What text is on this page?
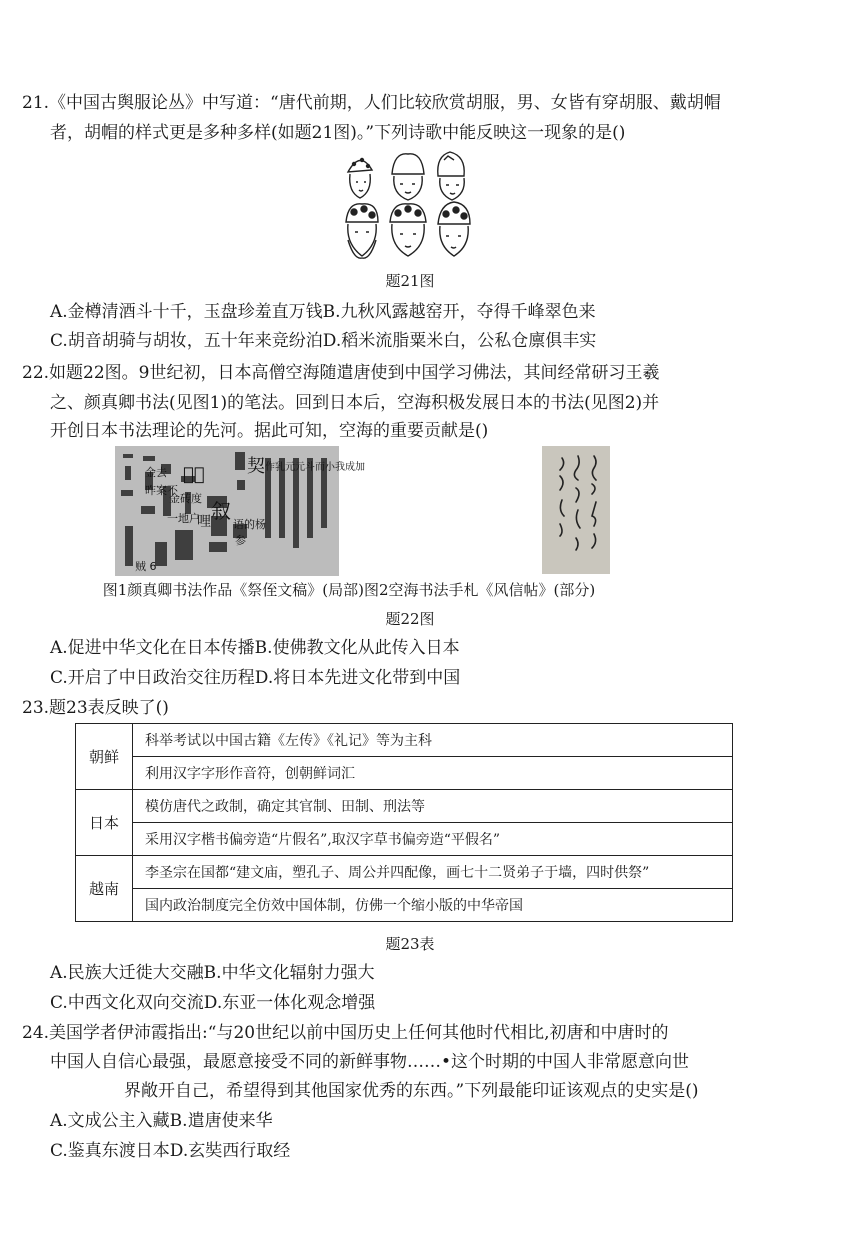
21.《中国古舆服论丛》中写道：“唐代前期，人们比较欣赏胡服，男、女皆有穿胡服、戴胡帽
者，胡帽的样式更是多种多样(如题21图)。”下列诗歌中能反映这一现象的是()
题21图
A.金樽清酒斗十千，玉盘珍羞直万钱B.九秋风露越窑开，夺得千峰翠色来
C.胡音胡骑与胡妆，五十年来竞纷泊D.稻米流脂粟米白，公私仓廪俱丰实
22.如题22图。9世纪初，日本高僧空海随遣唐使到中国学习佛法，其间经常研习王羲
之、颜真卿书法(见图1)的笔法。回到日本后，空海积极发展日本的书法(见图2)并
开创日本书法理论的先河。据此可知，空海的重要贡献是()
金去
昨案不
金砖度
一地户
𰁉兵
哩 叙
语的杨
参
契 作乳元元斗而小我成加
贼 6
图1颜真卿书法作品《祭侄文稿》(局部)图2空海书法手札《风信帖》(部分)
题22图
A.促进中华文化在日本传播B.使佛教文化从此传入日本
C.开启了中日政治交往历程D.将日本先进文化带到中国
23.题23表反映了()
朝鲜	科举考试以中国古籍《左传》《礼记》等为主科
	利用汉字字形作音符，创朝鲜词汇
日本	模仿唐代之政制，确定其官制、田制、刑法等
	采用汉字楷书偏旁造“片假名”,取汉字草书偏旁造“平假名”
越南	李圣宗在国都“建文庙，塑孔子、周公并四配像，画七十二贤弟子于墙，四时供祭”
	国内政治制度完全仿效中国体制，仿佛一个缩小版的中华帝国
题23表
A.民族大迁徙大交融B.中华文化辐射力强大
C.中西文化双向交流D.东亚一体化观念增强
24.美国学者伊沛霞指出:“与20世纪以前中国历史上任何其他时代相比,初唐和中唐时的
中国人自信心最强，最愿意接受不同的新鲜事物……•这个时期的中国人非常愿意向世
界敞开自己，希望得到其他国家优秀的东西。”下列最能印证该观点的史实是()
A.文成公主入藏B.遣唐使来华
C.鉴真东渡日本D.玄奘西行取经
